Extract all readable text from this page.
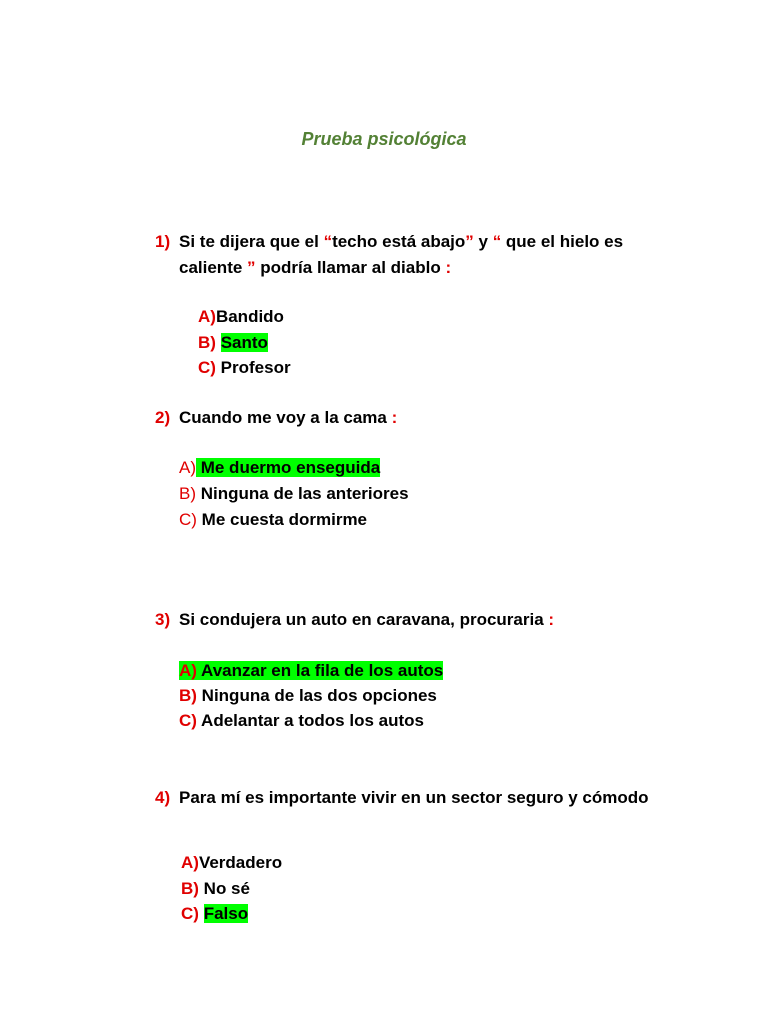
Prueba psicológica
1) Si te dijera que el “techo está abajo” y “ que el hielo es caliente ” podría llamar al diablo :
A)Bandido
B) Santo
C) Profesor
2) Cuando me voy a la cama :
A) Me duermo enseguida
B) Ninguna de las anteriores
C) Me cuesta dormirme
3) Si condujera un auto en caravana, procuraria :
A) Avanzar en la fila de los autos
B) Ninguna de las dos opciones
C) Adelantar a todos los autos
4) Para mí es importante vivir en un sector seguro y cómodo
A)Verdadero
B) No sé
C) Falso
